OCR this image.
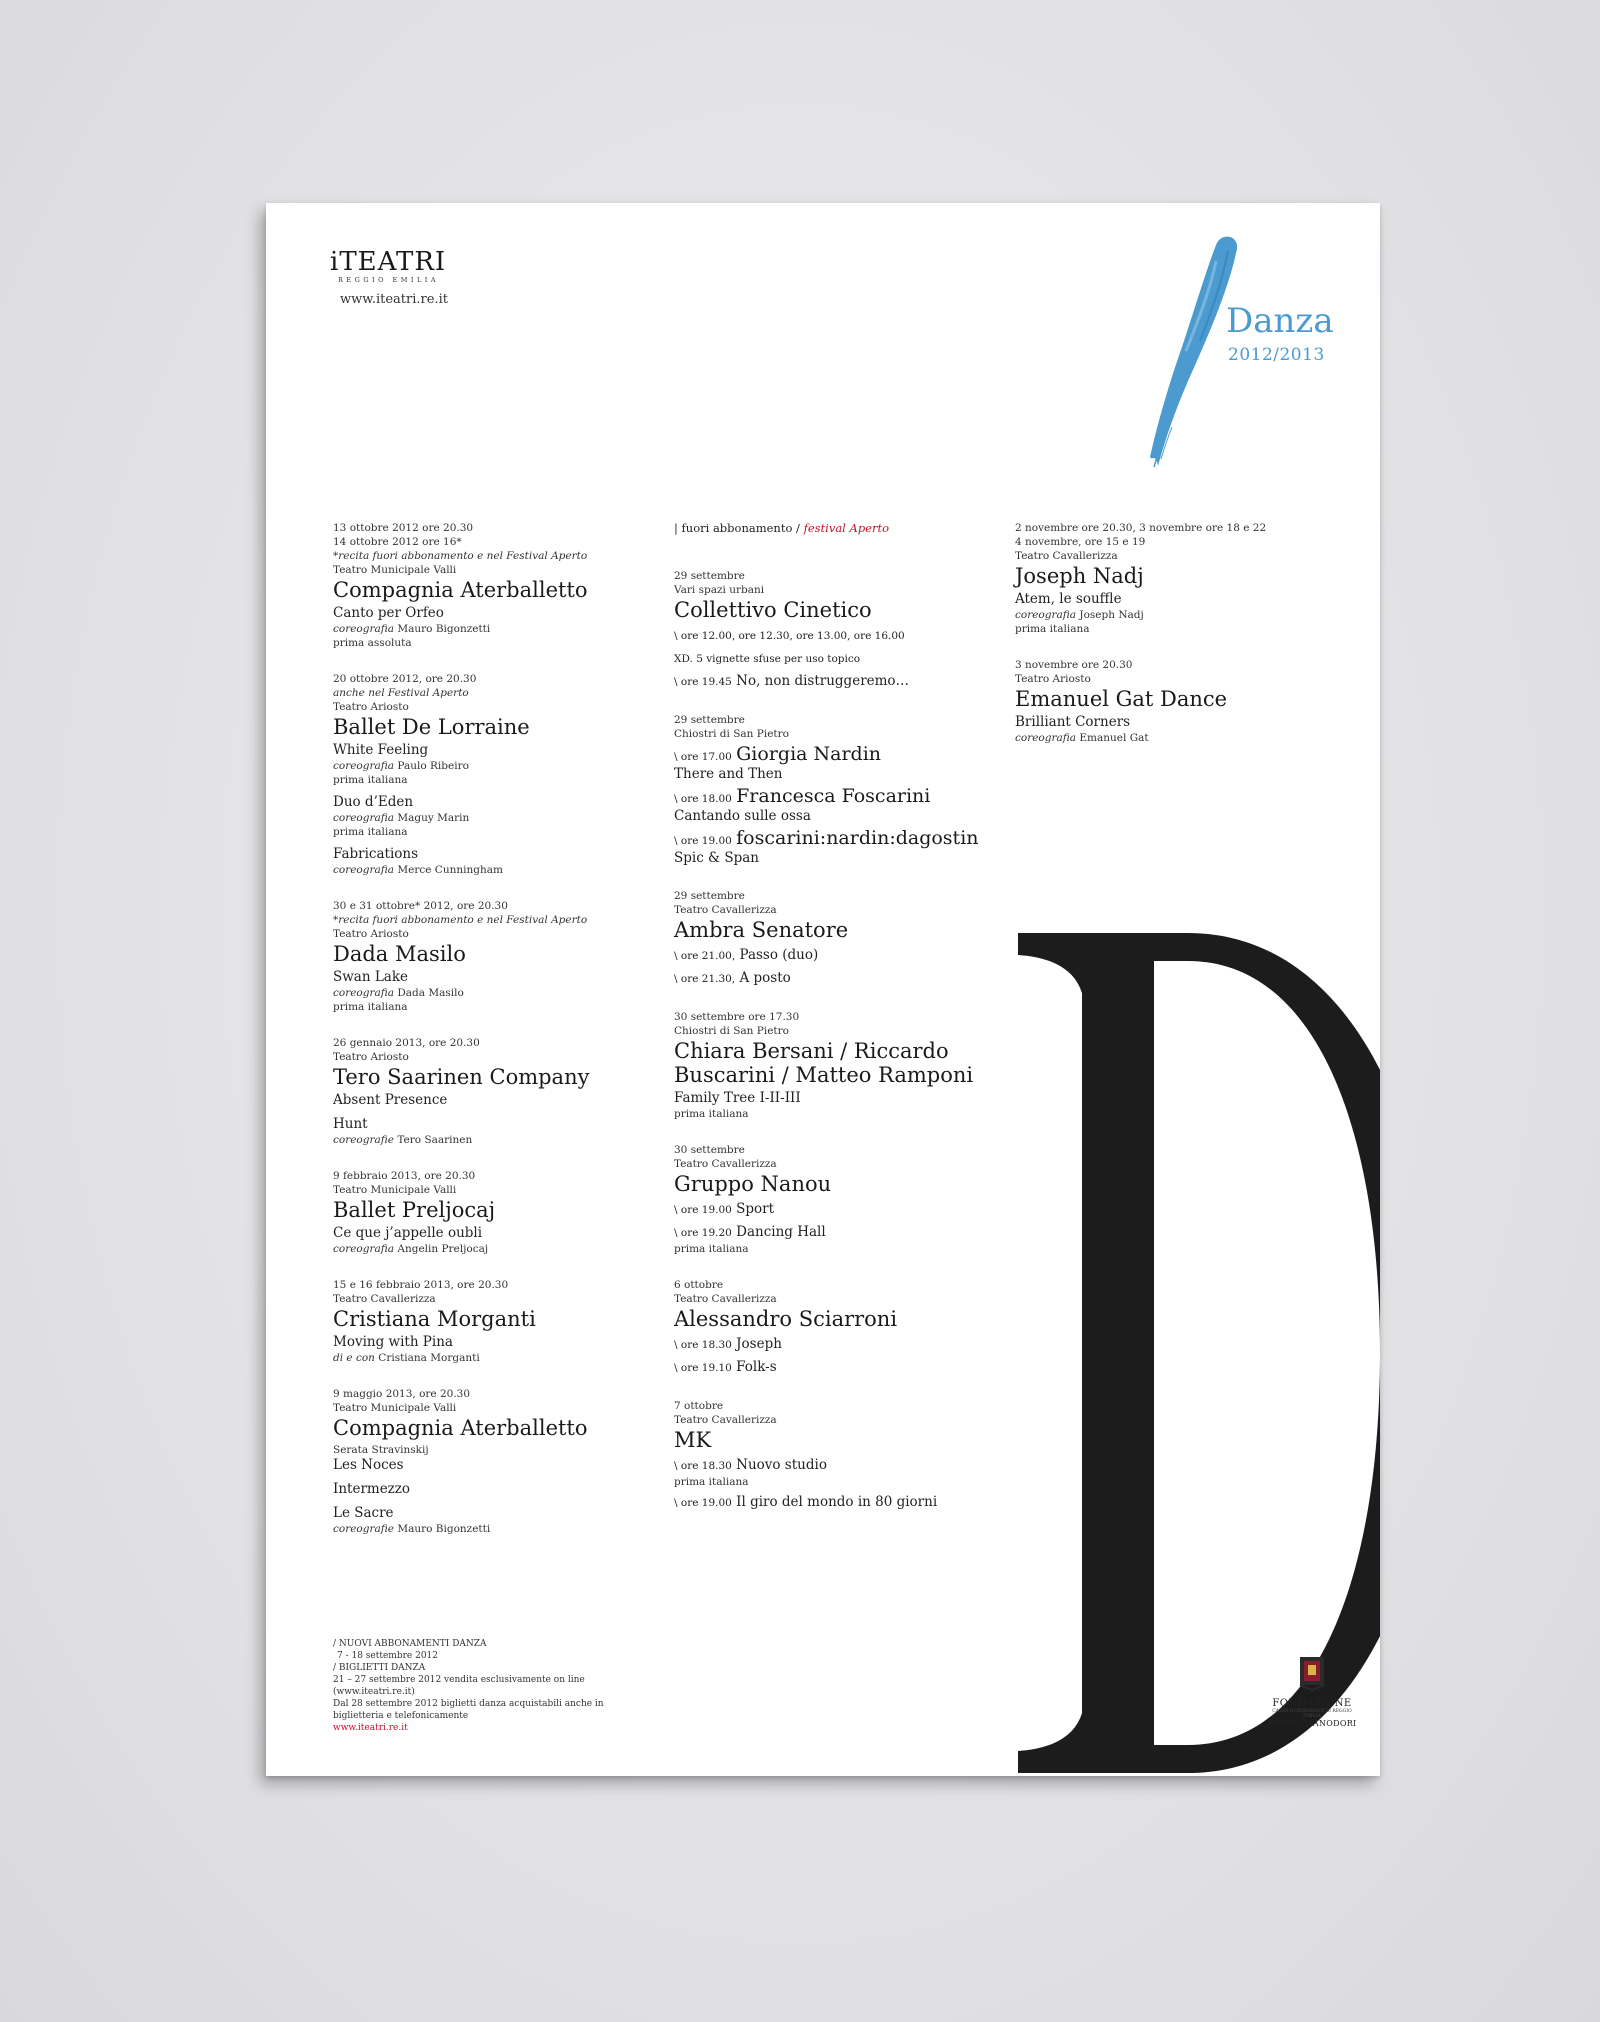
iTEATRI
REGGIO EMILIA
www.iteatri.re.it
Danza
2012/2013
13 ottobre 2012 ore 20.30
14 ottobre 2012 ore 16*
*recita fuori abbonamento e nel Festival Aperto
Teatro Municipale Valli
Compagnia Aterballetto
Canto per Orfeo
coreografia Mauro Bigonzetti
prima assoluta
20 ottobre 2012, ore 20.30
anche nel Festival Aperto
Teatro Ariosto
Ballet De Lorraine
White Feeling
coreografia Paulo Ribeiro
prima italiana
Duo d’Eden
coreografia Maguy Marin
prima italiana
Fabrications
coreografia Merce Cunningham
30 e 31 ottobre* 2012, ore 20.30
*recita fuori abbonamento e nel Festival Aperto
Teatro Ariosto
Dada Masilo
Swan Lake
coreografia Dada Masilo
prima italiana
26 gennaio 2013, ore 20.30
Teatro Ariosto
Tero Saarinen Company
Absent Presence
Hunt
coreografie Tero Saarinen
9 febbraio 2013, ore 20.30
Teatro Municipale Valli
Ballet Preljocaj
Ce que j’appelle oubli
coreografia Angelin Preljocaj
15 e 16 febbraio 2013, ore 20.30
Teatro Cavallerizza
Cristiana Morganti
Moving with Pina
di e con Cristiana Morganti
9 maggio 2013, ore 20.30
Teatro Municipale Valli
Compagnia Aterballetto
Serata Stravinskij
Les Noces
Intermezzo
Le Sacre
coreografie Mauro Bigonzetti
| fuori abbonamento / festival Aperto
29 settembre
Vari spazi urbani
Collettivo Cinetico
\ ore 12.00, ore 12.30, ore 13.00, ore 16.00
XD. 5 vignette sfuse per uso topico
\ ore 19.45 No, non distruggeremo…
29 settembre
Chiostri di San Pietro
\ ore 17.00 Giorgia Nardin
There and Then
\ ore 18.00 Francesca Foscarini
Cantando sulle ossa
\ ore 19.00 foscarini:nardin:dagostin
Spic & Span
29 settembre
Teatro Cavallerizza
Ambra Senatore
\ ore 21.00, Passo (duo)
\ ore 21.30, A posto
30 settembre ore 17.30
Chiostri di San Pietro
Chiara Bersani / Riccardo Buscarini / Matteo Ramponi
Family Tree I-II-III
prima italiana
30 settembre
Teatro Cavallerizza
Gruppo Nanou
\ ore 19.00 Sport
\ ore 19.20 Dancing Hall
prima italiana
6 ottobre
Teatro Cavallerizza
Alessandro Sciarroni
\ ore 18.30 Joseph
\ ore 19.10 Folk-s
7 ottobre
Teatro Cavallerizza
MK
\ ore 18.30 Nuovo studio
prima italiana
\ ore 19.00 Il giro del mondo in 80 giorni
2 novembre ore 20.30, 3 novembre ore 18 e 22
4 novembre, ore 15 e 19
Teatro Cavallerizza
Joseph Nadj
Atem, le souffle
coreografia Joseph Nadj
prima italiana
3 novembre ore 20.30
Teatro Ariosto
Emanuel Gat Dance
Brilliant Corners
coreografia Emanuel Gat
/ NUOVI ABBONAMENTI DANZA
7 - 18 settembre 2012
/ BIGLIETTI DANZA
21 – 27 settembre 2012 vendita esclusivamente on line (www.iteatri.re.it)
Dal 28 settembre 2012 biglietti danza acquistabili anche in biglietteria e telefonicamente
www.iteatri.re.it
FONDAZIONE
CASSA DI RISPARMIO DI REGGIO EMILIA
PIETRO MANODORI
